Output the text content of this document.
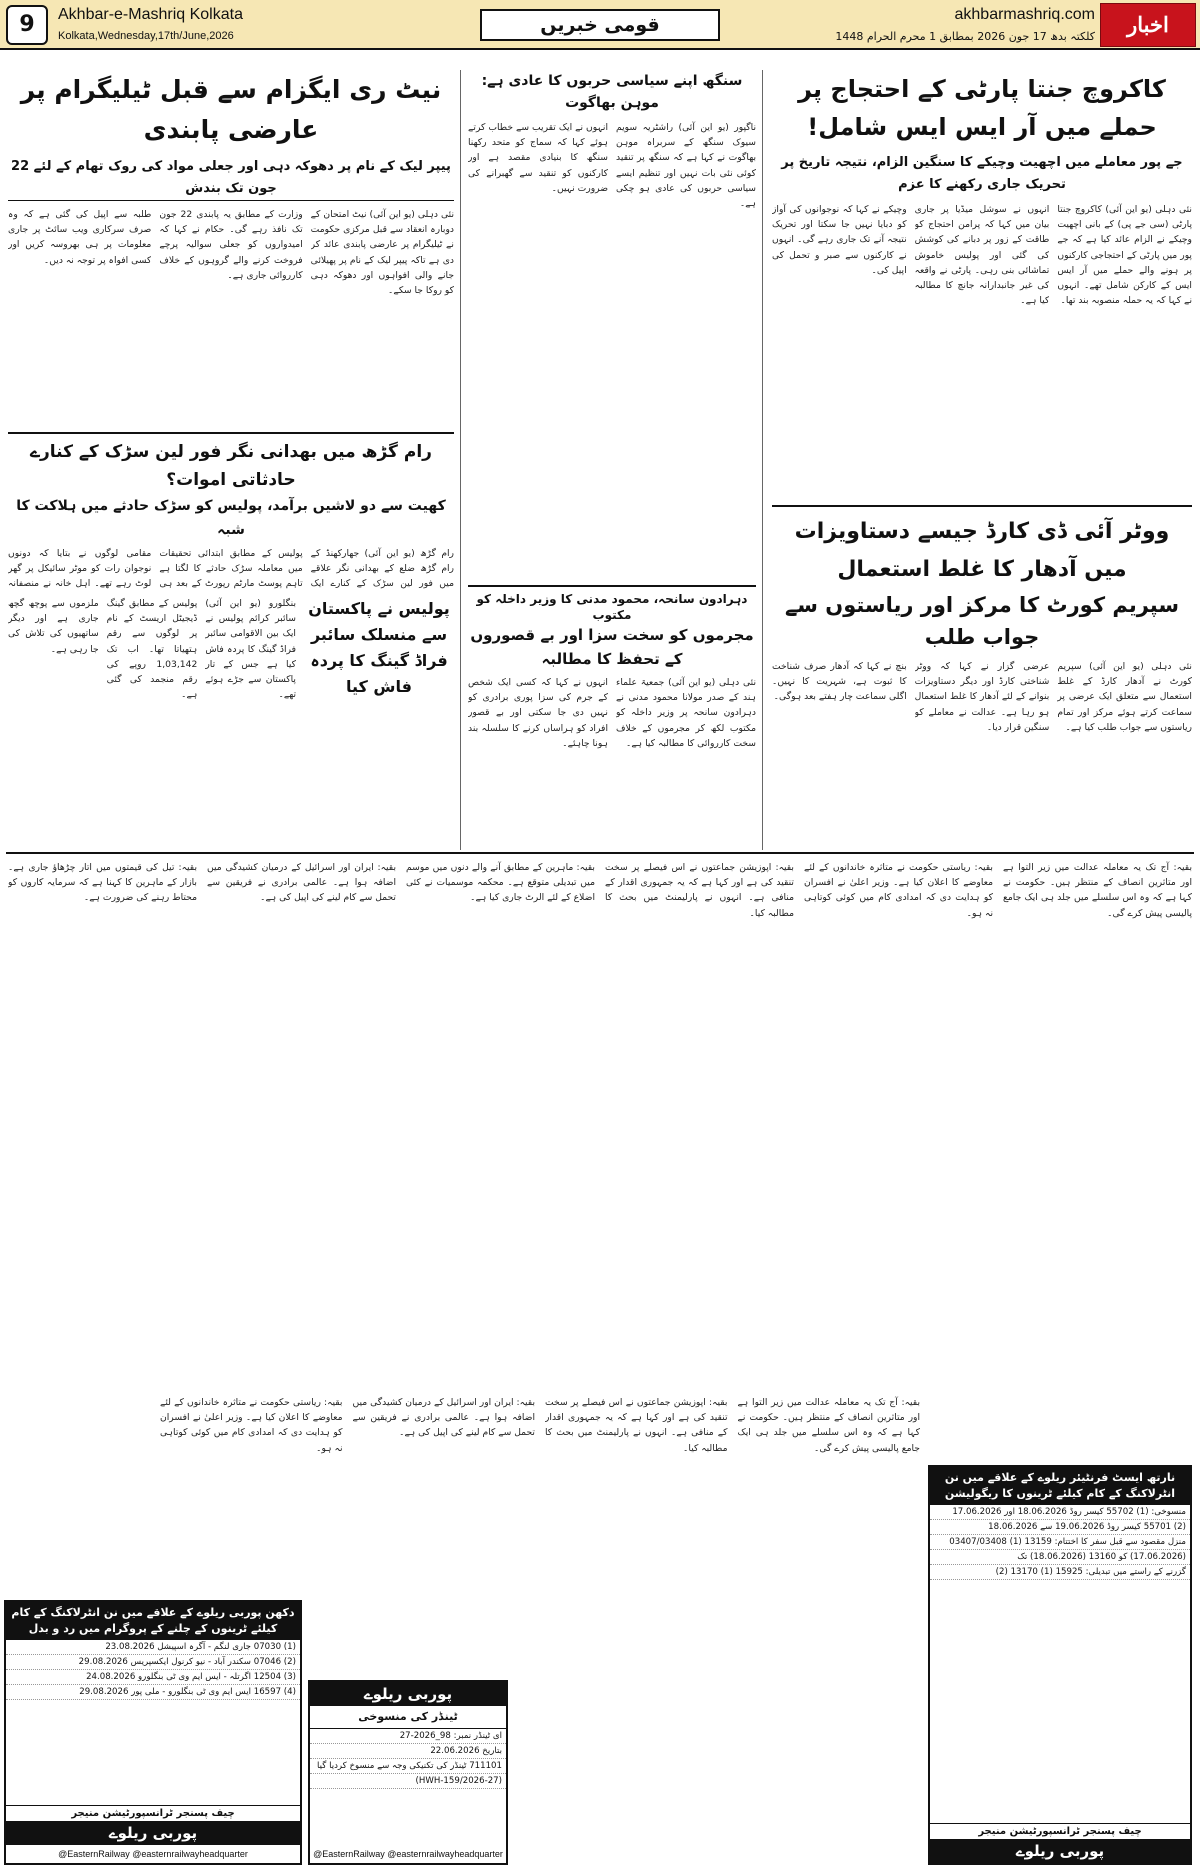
9	Akhbar-e-Mashriq Kolkata
Kolkata,Wednesday,17th/June,2026	قومی خبریں	akhbarmashriq.com
کلکتہ بدھ 17 جون 2026 بمطابق 1 محرم الحرام 1448	اخبار مشرق
کاکروچ جنتا پارٹی کے احتجاج پر حملے میں آر ایس ایس شامل!
جے پور معاملے میں اچھیت وچیکے کا سنگین الزام، نتیجہ تاریخ پر تحریک جاری رکھنے کا عزم
نئی دہلی (یو این آئی) کاکروچ جنتا پارٹی (سی جے پی) کے بانی اچھیت وچیکے نے الزام عائد کیا ہے کہ جے پور میں پارٹی کے احتجاجی کارکنوں پر ہونے والے حملے میں آر ایس ایس کے کارکن شامل تھے۔ انہوں نے کہا کہ یہ حملہ منصوبہ بند تھا۔
انہوں نے سوشل میڈیا پر جاری بیان میں کہا کہ پرامن احتجاج کو طاقت کے زور پر دبانے کی کوشش کی گئی اور پولیس خاموش تماشائی بنی رہی۔ پارٹی نے واقعہ کی غیر جانبدارانہ جانچ کا مطالبہ کیا ہے۔
وچیکے نے کہا کہ نوجوانوں کی آواز کو دبایا نہیں جا سکتا اور تحریک نتیجہ آنے تک جاری رہے گی۔ انہوں نے کارکنوں سے صبر و تحمل کی اپیل کی۔
ووٹر آئی ڈی کارڈ جیسے دستاویزات میں آدھار کا غلط استعمال
سپریم کورٹ کا مرکز اور ریاستوں سے جواب طلب
نئی دہلی (یو این آئی) سپریم کورٹ نے آدھار کارڈ کے غلط استعمال سے متعلق ایک عرضی پر سماعت کرتے ہوئے مرکز اور تمام ریاستوں سے جواب طلب کیا ہے۔
عرضی گزار نے کہا کہ ووٹر شناختی کارڈ اور دیگر دستاویزات بنوانے کے لئے آدھار کا غلط استعمال ہو رہا ہے۔ عدالت نے معاملے کو سنگین قرار دیا۔
بنچ نے کہا کہ آدھار صرف شناخت کا ثبوت ہے، شہریت کا نہیں۔ اگلی سماعت چار ہفتے بعد ہوگی۔
سنگھ اپنے سیاسی حربوں کا عادی ہے: موہن بھاگوت
ناگپور (یو این آئی) راشٹریہ سویم سیوک سنگھ کے سربراہ موہن بھاگوت نے کہا ہے کہ سنگھ پر تنقید کوئی نئی بات نہیں اور تنظیم ایسے سیاسی حربوں کی عادی ہو چکی ہے۔
انہوں نے ایک تقریب سے خطاب کرتے ہوئے کہا کہ سماج کو متحد رکھنا سنگھ کا بنیادی مقصد ہے اور کارکنوں کو تنقید سے گھبرانے کی ضرورت نہیں۔
دہرادون سانحہ، محمود مدنی کا وزیر داخلہ کو مکتوب
مجرموں کو سخت سزا اور بے قصوروں کے تحفظ کا مطالبہ
نئی دہلی (یو این آئی) جمعیۃ علماء ہند کے صدر مولانا محمود مدنی نے دہرادون سانحہ پر وزیر داخلہ کو مکتوب لکھ کر مجرموں کے خلاف سخت کارروائی کا مطالبہ کیا ہے۔
انہوں نے کہا کہ کسی ایک شخص کے جرم کی سزا پوری برادری کو نہیں دی جا سکتی اور بے قصور افراد کو ہراساں کرنے کا سلسلہ بند ہونا چاہئے۔
نیٹ ری ایگزام سے قبل ٹیلیگرام پر عارضی پابندی
پیپر لیک کے نام پر دھوکہ دہی اور جعلی مواد کی روک تھام کے لئے 22 جون تک بندش
نئی دہلی (یو این آئی) نیٹ امتحان کے دوبارہ انعقاد سے قبل مرکزی حکومت نے ٹیلیگرام پر عارضی پابندی عائد کر دی ہے تاکہ پیپر لیک کے نام پر پھیلائی جانے والی افواہوں اور دھوکہ دہی کو روکا جا سکے۔
وزارت کے مطابق یہ پابندی 22 جون تک نافذ رہے گی۔ حکام نے کہا کہ امیدواروں کو جعلی سوالیہ پرچے فروخت کرنے والے گروہوں کے خلاف کارروائی جاری ہے۔
طلبہ سے اپیل کی گئی ہے کہ وہ صرف سرکاری ویب سائٹ پر جاری معلومات پر ہی بھروسہ کریں اور کسی افواہ پر توجہ نہ دیں۔
رام گڑھ میں بھدانی نگر فور لین سڑک کے کنارے حادثاتی اموات؟
کھیت سے دو لاشیں برآمد، پولیس کو سڑک حادثے میں ہلاکت کا شبہ
رام گڑھ (یو این آئی) جھارکھنڈ کے رام گڑھ ضلع کے بھدانی نگر علاقے میں فور لین سڑک کے کنارے ایک
پولیس کے مطابق ابتدائی تحقیقات میں معاملہ سڑک حادثے کا لگتا ہے تاہم پوسٹ مارٹم رپورٹ کے بعد ہی
مقامی لوگوں نے بتایا کہ دونوں نوجوان رات کو موٹر سائیکل پر گھر لوٹ رہے تھے۔ اہل خانہ نے منصفانہ
پولیس نے پاکستان سے منسلک سائبر فراڈ گینگ کا پردہ فاش کیا
بنگلورو (یو این آئی) سائبر کرائم پولیس نے ایک بین الاقوامی سائبر فراڈ گینگ کا پردہ فاش کیا ہے جس کے تار پاکستان سے جڑے ہوئے تھے۔
پولیس کے مطابق گینگ ڈیجیٹل اریسٹ کے نام پر لوگوں سے رقم ہتھیاتا تھا۔ اب تک 1,03,142 روپے کی رقم منجمد کی گئی ہے۔
ملزموں سے پوچھ گچھ جاری ہے اور دیگر ساتھیوں کی تلاش کی جا رہی ہے۔
بقیہ: آج تک یہ معاملہ عدالت میں زیر التوا ہے اور متاثرین انصاف کے منتظر ہیں۔ حکومت نے کہا ہے کہ وہ اس سلسلے میں جلد ہی ایک جامع پالیسی پیش کرے گی۔
بقیہ: ریاستی حکومت نے متاثرہ خاندانوں کے لئے معاوضے کا اعلان کیا ہے۔ وزیر اعلیٰ نے افسران کو ہدایت دی کہ امدادی کام میں کوئی کوتاہی نہ ہو۔
بقیہ: اپوزیشن جماعتوں نے اس فیصلے پر سخت تنقید کی ہے اور کہا ہے کہ یہ جمہوری اقدار کے منافی ہے۔ انہوں نے پارلیمنٹ میں بحث کا مطالبہ کیا۔
بقیہ: ماہرین کے مطابق آنے والے دنوں میں موسم میں تبدیلی متوقع ہے۔ محکمہ موسمیات نے کئی اضلاع کے لئے الرٹ جاری کیا ہے۔
بقیہ: ایران اور اسرائیل کے درمیان کشیدگی میں اضافہ ہوا ہے۔ عالمی برادری نے فریقین سے تحمل سے کام لینے کی اپیل کی ہے۔
بقیہ: تیل کی قیمتوں میں اتار چڑھاؤ جاری ہے۔ بازار کے ماہرین کا کہنا ہے کہ سرمایہ کاروں کو محتاط رہنے کی ضرورت ہے۔
بقیہ: آج تک یہ معاملہ عدالت میں زیر التوا ہے اور متاثرین انصاف کے منتظر ہیں۔ حکومت نے کہا ہے کہ وہ اس سلسلے میں جلد ہی ایک جامع پالیسی پیش کرے گی۔
بقیہ: اپوزیشن جماعتوں نے اس فیصلے پر سخت تنقید کی ہے اور کہا ہے کہ یہ جمہوری اقدار کے منافی ہے۔ انہوں نے پارلیمنٹ میں بحث کا مطالبہ کیا۔
بقیہ: ایران اور اسرائیل کے درمیان کشیدگی میں اضافہ ہوا ہے۔ عالمی برادری نے فریقین سے تحمل سے کام لینے کی اپیل کی ہے۔
بقیہ: ریاستی حکومت نے متاثرہ خاندانوں کے لئے معاوضے کا اعلان کیا ہے۔ وزیر اعلیٰ نے افسران کو ہدایت دی کہ امدادی کام میں کوئی کوتاہی نہ ہو۔
نارتھ ایسٹ فرنٹیئر ریلوے کے علاقے میں نن انٹرلاکنگ کے کام کیلئے ٹرینوں کا ریگولیشن
منسوخی: (1) 55702 کیسر روڈ 18.06.2026 اور 17.06.2026
(2) 55701 کیسر روڈ 19.06.2026 سے 18.06.2026
منزل مقصود سے قبل سفر کا اختتام: 13159 (1) 03407/03408
(17.06.2026) کو 13160 (18.06.2026) تک
گزرنے کے راستے میں تبدیلی: 15925 (1) 13170 (2)
چیف پسنجر ٹرانسپورٹیشن منیجر
پوربی ریلوے
پوربی ریلوے
ٹینڈر کی منسوخی
ای ٹینڈر نمبر: 98_2026-27
بتاریخ 22.06.2026
711101 ٹینڈر کی تکنیکی وجہ سے منسوخ کردیا گیا
(HWH-159/2026-27)
@EasternRailway @easternrailwayheadquarter
دکھن پوربی ریلوے کے علاقے میں نن انٹرلاکنگ کے کام کیلئے ٹرینوں کے چلنے کے پروگرام میں رد و بدل
(1) 07030 جاری لنگم - آگرہ اسپیشل 23.08.2026
(2) 07046 سکندر آباد - نیو کرنول ایکسپریس 29.08.2026
(3) 12504 اگرتلہ - ایس ایم وی ٹی بنگلورو 24.08.2026
(4) 16597 ایس ایم وی ٹی بنگلورو - ملی پور 29.08.2026
چیف پسنجر ٹرانسپورٹیشن منیجر
پوربی ریلوے
@EasternRailway @easternrailwayheadquarter
